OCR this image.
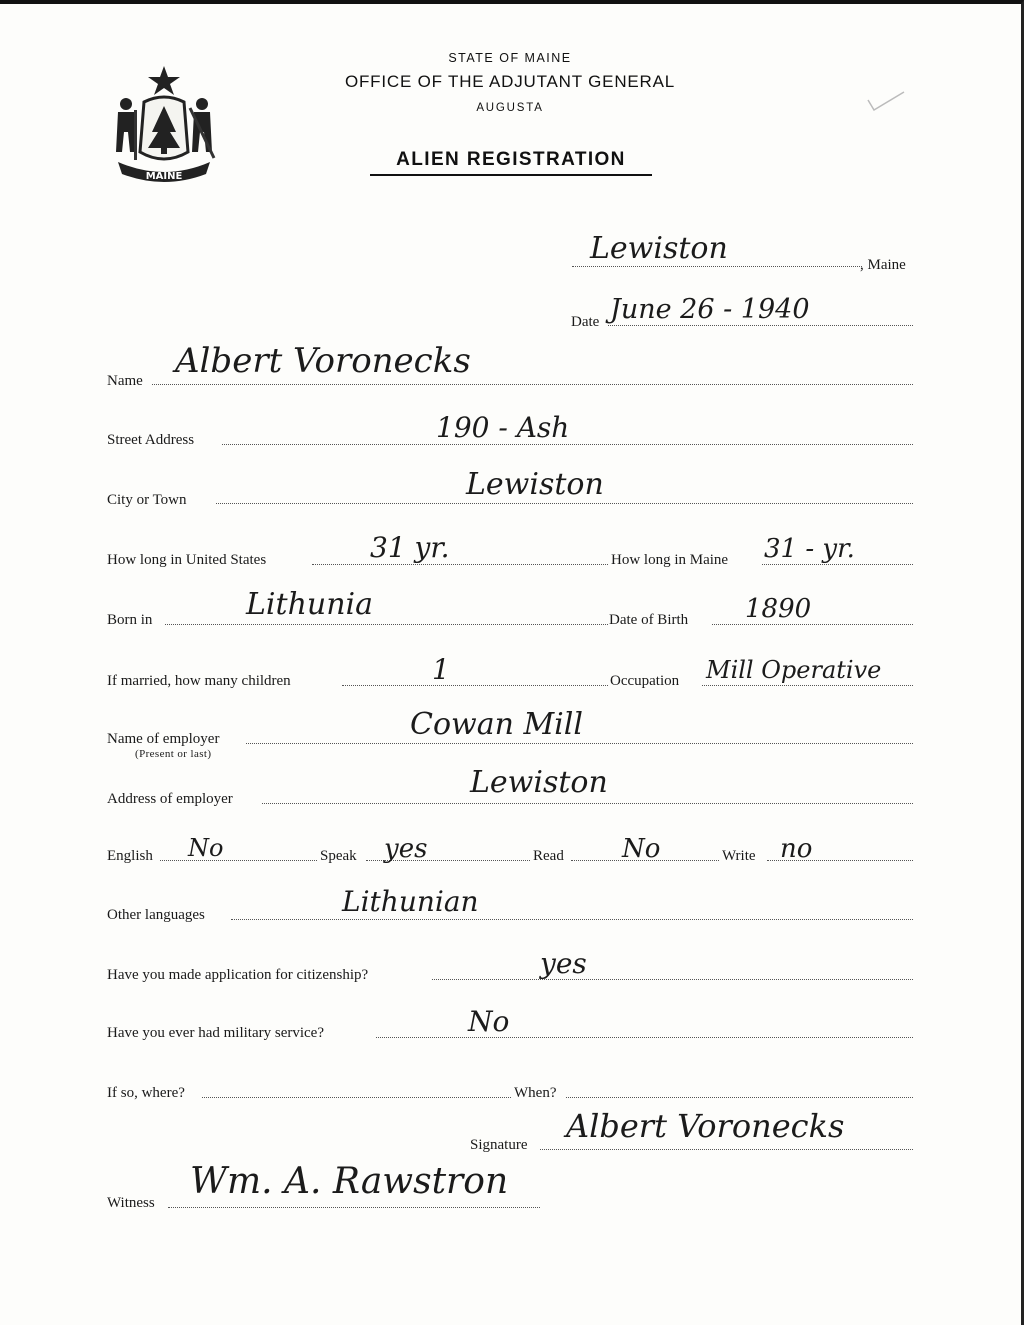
MAINE
STATE OF MAINE
OFFICE OF THE ADJUTANT GENERAL
AUGUSTA
ALIEN REGISTRATION
Lewiston	, Maine
Date June 26 - 1940
Name Albert Voronecks
Street Address	190 - Ash
City or Town	Lewiston
How long in United States	31 yr.	How long in Maine 31 - yr.
Born in	Lithunia	Date of Birth 1890
If married, how many children	1	Occupation Mill Operative
Name of employer
(Present or last)
Cowan Mill
Address of employer	Lewiston
English No	Speak yes	Read No	Write no
Other languages	Lithunian
Have you made application for citizenship?	yes
Have you ever had military service?	No
If so, where?	When?
Signature Albert Voronecks
Witness
Wm. A. Rawstron
